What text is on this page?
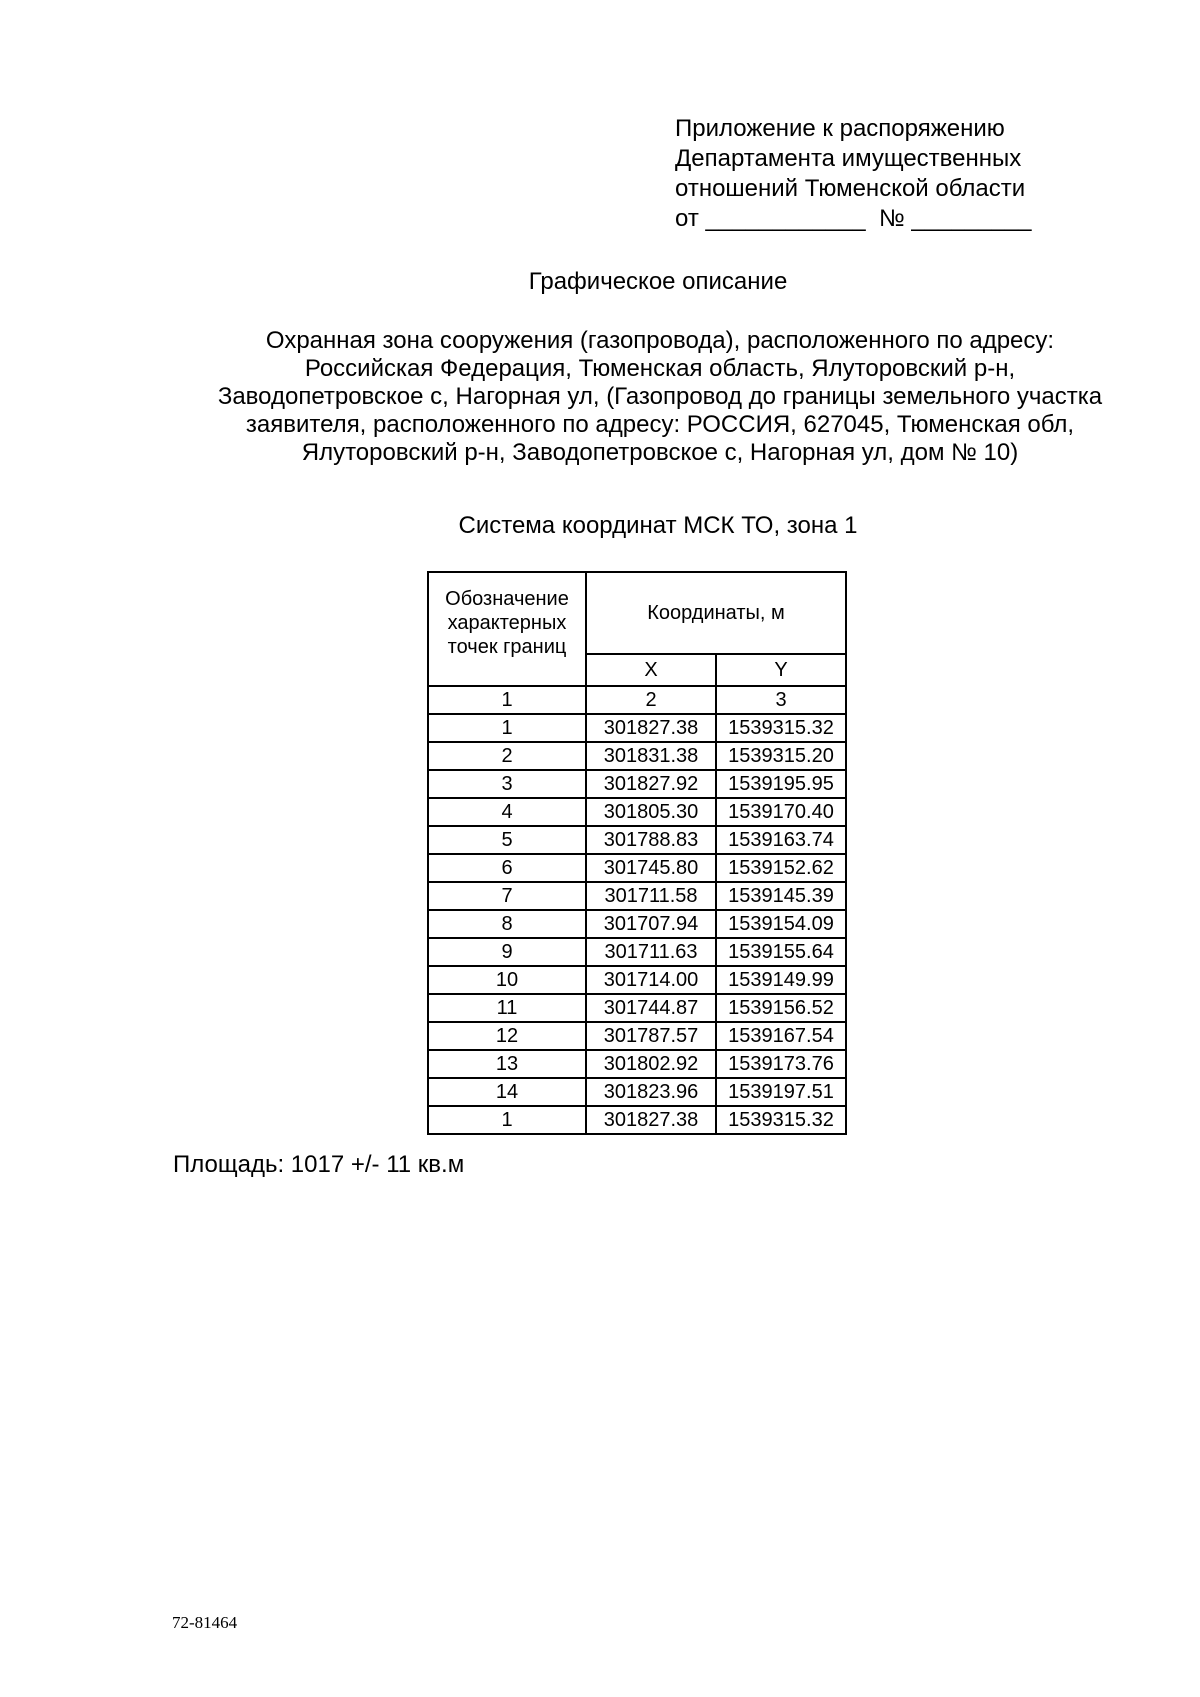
Приложение к распоряжению
Департамента имущественных
отношений Тюменской области
от ____________  № _________
Графическое описание
Охранная зона сооружения (газопровода), расположенного по адресу:
Российская Федерация, Тюменская область, Ялуторовский р-н,
Заводопетровское с, Нагорная ул, (Газопровод до границы земельного участка
заявителя, расположенного по адресу: РОССИЯ, 627045, Тюменская обл,
Ялуторовский р-н, Заводопетровское с, Нагорная ул, дом № 10)
Система координат МСК ТО, зона 1
Обозначение характерных точек границ	Координаты, м	
	X	Y
1	2	3
1	301827.38	1539315.32
2	301831.38	1539315.20
3	301827.92	1539195.95
4	301805.30	1539170.40
5	301788.83	1539163.74
6	301745.80	1539152.62
7	301711.58	1539145.39
8	301707.94	1539154.09
9	301711.63	1539155.64
10	301714.00	1539149.99
11	301744.87	1539156.52
12	301787.57	1539167.54
13	301802.92	1539173.76
14	301823.96	1539197.51
1	301827.38	1539315.32
Площадь: 1017 +/- 11 кв.м
72-81464
